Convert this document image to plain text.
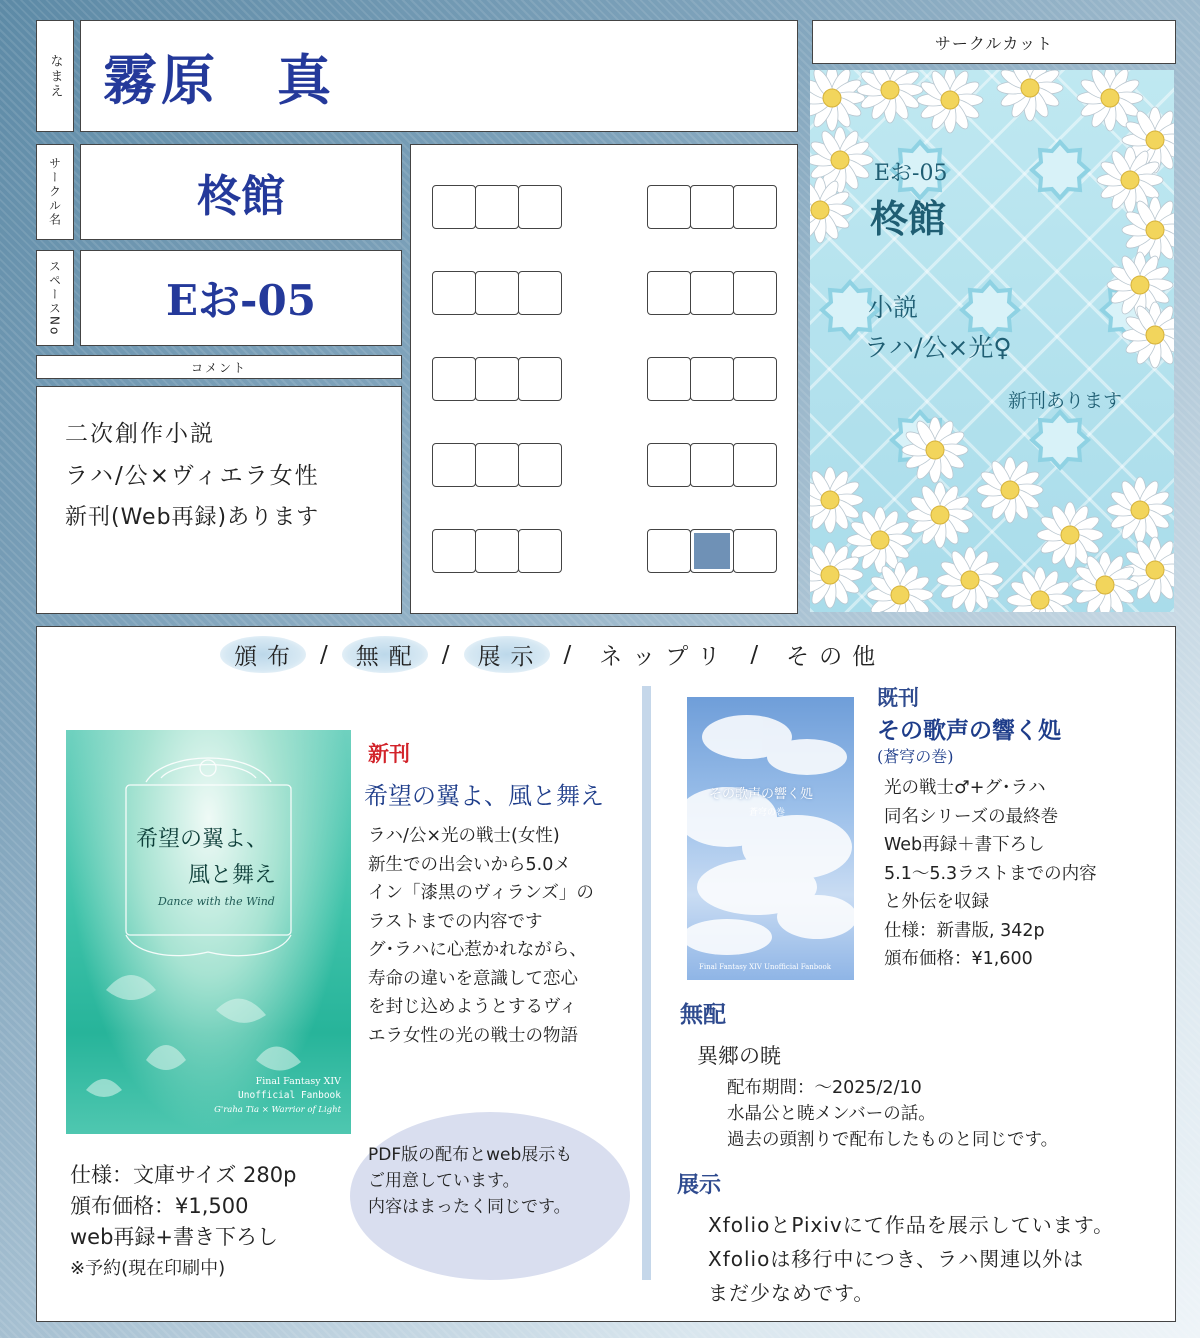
なまえ 霧原　真
サークル名	柊館
スペースNo Eお-05
コメント
二次創作小説
ラハ/公×ヴィエラ女性
新刊(Web再録)あります
サークルカット
Eお-05
柊館
小説
ラハ/公×光♀
新刊あります
頒布 /	無配 /	展示 /	ネップリ /	その他
希望の翼よ、
風と舞え
Dance with the Wind
Final Fantasy XIV
Unofficial Fanbook
G'raha Tia × Warrior of Light
新刊
希望の翼よ、風と舞え
ラハ/公×光の戦士(女性)
新生での出会いから5.0メ
イン「漆黒のヴィランズ」の
ラストまでの内容です
グ･ラハに心惹かれながら、
寿命の違いを意識して恋心
を封じ込めようとするヴィ
エラ女性の光の戦士の物語
仕様：文庫サイズ 280p
頒布価格：¥1,500
web再録+書き下ろし
※予約(現在印刷中)
PDF版の配布とweb展示も
ご用意しています。
内容はまったく同じです。
その歌声の響く処
蒼穹の巻
Final Fantasy XIV Unofficial Fanbook
既刊
その歌声の響く処
(蒼穹の巻)
光の戦士♂+グ･ラハ
同名シリーズの最終巻
Web再録＋書下ろし
5.1～5.3ラストまでの内容
と外伝を収録
仕様：新書版, 342p
頒布価格：¥1,600
無配
異郷の暁
配布期間：～2025/2/10
水晶公と暁メンバーの話。
過去の頭割りで配布したものと同じです。
展示
XfolioとPixivにて作品を展示しています。
Xfolioは移行中につき、ラハ関連以外は
まだ少なめです。
